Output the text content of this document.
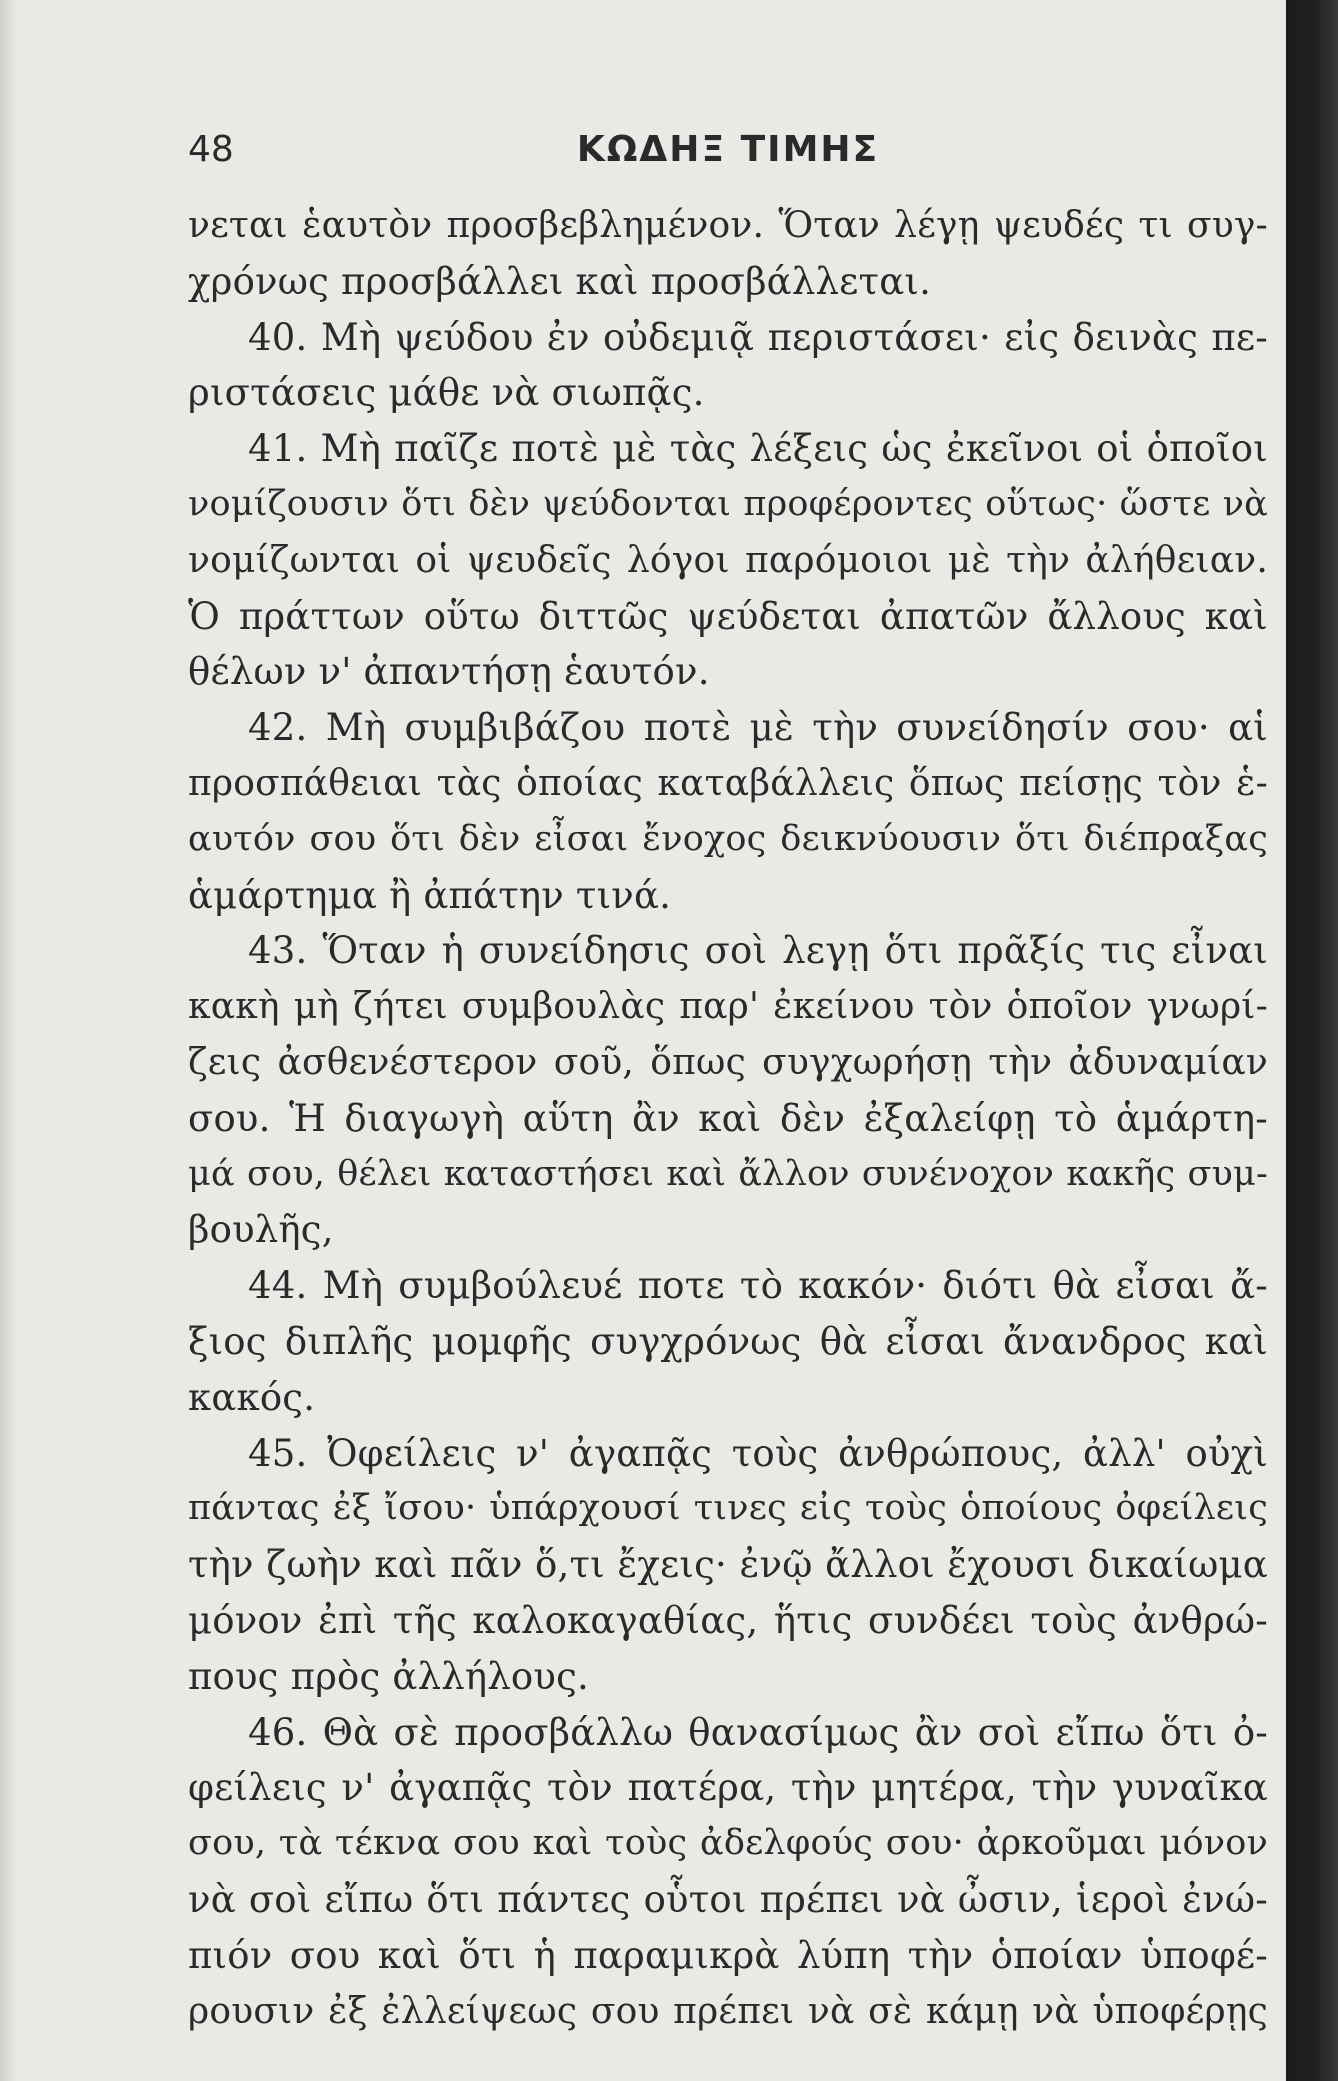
48	ΚΩΔΗΞ ΤΙΜΗΣ
νεται ἑαυτὸν προσβεβλημένον. Ὅταν λέγῃ ψευδές τι συγ-
χρόνως προσβάλλει καὶ προσβάλλεται.
40. Μὴ ψεύδου ἐν οὐδεμιᾷ περιστάσει· εἰς δεινὰς πε-
ριστάσεις μάθε νὰ σιωπᾷς.
41. Μὴ παῖζε ποτὲ μὲ τὰς λέξεις ὡς ἐκεῖνοι οἱ ὁποῖοι
νομίζουσιν ὅτι δὲν ψεύδονται προφέροντες οὕτως· ὥστε νὰ
νομίζωνται οἱ ψευδεῖς λόγοι παρόμοιοι μὲ τὴν ἀλήθειαν.
Ὁ πράττων οὕτω διττῶς ψεύδεται ἀπατῶν ἄλλους καὶ
θέλων ν' ἀπαντήσῃ ἑαυτόν.
42. Μὴ συμβιβάζου ποτὲ μὲ τὴν συνείδησίν σου· αἱ
προσπάθειαι τὰς ὁποίας καταβάλλεις ὅπως πείσῃς τὸν ἑ-
αυτόν σου ὅτι δὲν εἶσαι ἔνοχος δεικνύουσιν ὅτι διέπραξας
ἁμάρτημα ἢ ἀπάτην τινά.
43. Ὅταν ἡ συνείδησις σοὶ λεγῃ ὅτι πρᾶξίς τις εἶναι
κακὴ μὴ ζήτει συμβουλὰς παρ' ἐκείνου τὸν ὁποῖον γνωρί-
ζεις ἀσθενέστερον σοῦ, ὅπως συγχωρήσῃ τὴν ἀδυναμίαν
σου. Ἡ διαγωγὴ αὕτη ἂν καὶ δὲν ἐξαλείφῃ τὸ ἁμάρτη-
μά σου, θέλει καταστήσει καὶ ἄλλον συνένοχον κακῆς συμ-
βουλῆς,
44. Μὴ συμβούλευέ ποτε τὸ κακόν· διότι θὰ εἶσαι ἄ-
ξιος διπλῆς μομφῆς συγχρόνως θὰ εἶσαι ἄνανδρος καὶ
κακός.
45. Ὀφείλεις ν' ἀγαπᾷς τοὺς ἀνθρώπους, ἀλλ' οὐχὶ
πάντας ἐξ ἴσου· ὑπάρχουσί τινες εἰς τοὺς ὁποίους ὀφείλεις
τὴν ζωὴν καὶ πᾶν ὅ,τι ἔχεις· ἐνῷ ἄλλοι ἔχουσι δικαίωμα
μόνον ἐπὶ τῆς καλοκαγαθίας, ἥτις συνδέει τοὺς ἀνθρώ-
πους πρὸς ἀλλήλους.
46. Θὰ σὲ προσβάλλω θανασίμως ἂν σοὶ εἴπω ὅτι ὀ-
φείλεις ν' ἀγαπᾷς τὸν πατέρα, τὴν μητέρα, τὴν γυναῖκα
σου, τὰ τέκνα σου καὶ τοὺς ἀδελφούς σου· ἀρκοῦμαι μόνον
νὰ σοὶ εἴπω ὅτι πάντες οὗτοι πρέπει νὰ ὦσιν, ἱεροὶ ἐνώ-
πιόν σου καὶ ὅτι ἡ παραμικρὰ λύπη τὴν ὁποίαν ὑποφέ-
ρουσιν ἐξ ἐλλείψεως σου πρέπει νὰ σὲ κάμῃ νὰ ὑποφέρῃς
